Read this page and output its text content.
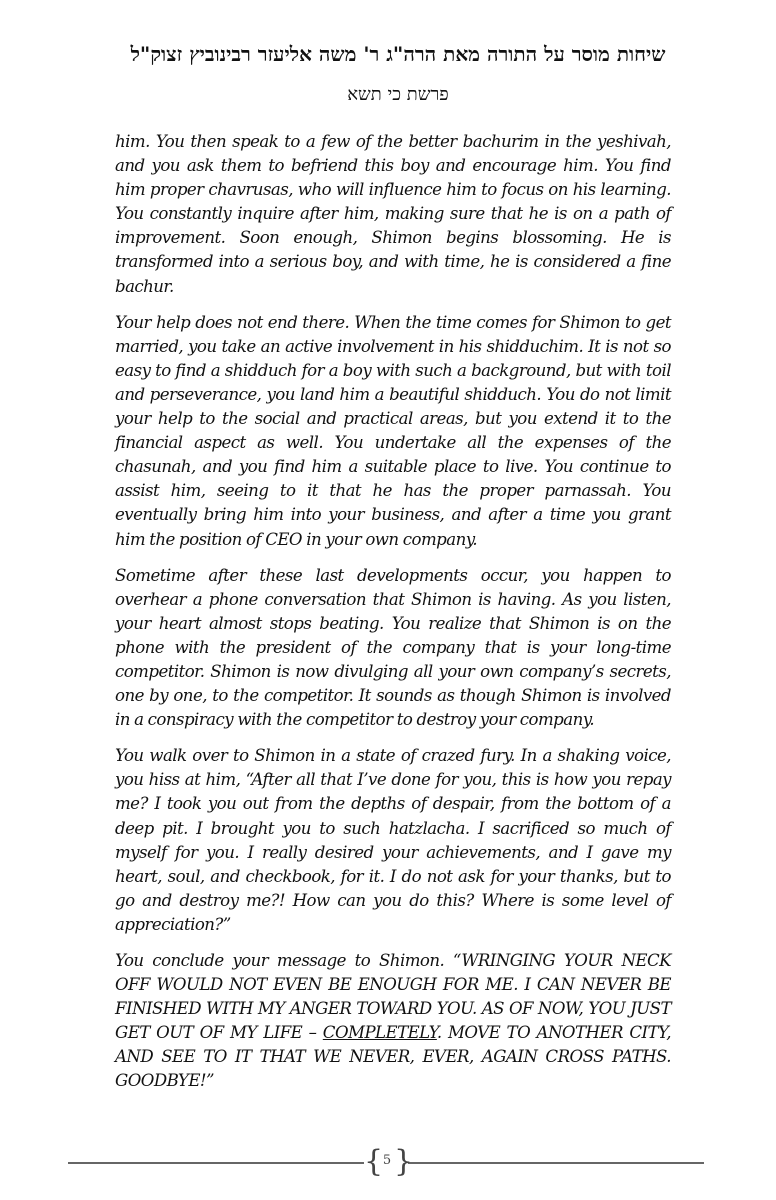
שיחות מוסר על התורה מאת הרה"ג ר' משה אליעזר רבינוביץ זצוק"ל
פרשת כי תשא

him. You then speak to a few of the better bachurim in the yeshivah, and you ask them to befriend this boy and encourage him. You find him proper chavrusas, who will influence him to focus on his learning. You constantly inquire after him, making sure that he is on a path of improvement. Soon enough, Shimon begins blossoming. He is transformed into a serious boy, and with time, he is considered a fine bachur.

Your help does not end there. When the time comes for Shimon to get married, you take an active involvement in his shidduchim. It is not so easy to find a shidduch for a boy with such a background, but with toil and perseverance, you land him a beautiful shidduch. You do not limit your help to the social and practical areas, but you extend it to the financial aspect as well. You undertake all the expenses of the chasunah, and you find him a suitable place to live. You continue to assist him, seeing to it that he has the proper parnassah. You eventually bring him into your business, and after a time you grant him the position of CEO in your own company.

Sometime after these last developments occur, you happen to overhear a phone conversation that Shimon is having. As you listen, your heart almost stops beating. You realize that Shimon is on the phone with the president of the company that is your long-time competitor. Shimon is now divulging all your own company’s secrets, one by one, to the competitor. It sounds as though Shimon is involved in a conspiracy with the competitor to destroy your company.

You walk over to Shimon in a state of crazed fury. In a shaking voice, you hiss at him, “After all that I’ve done for you, this is how you repay me? I took you out from the depths of despair, from the bottom of a deep pit. I brought you to such hatzlacha. I sacrificed so much of myself for you. I really desired your achievements, and I gave my heart, soul, and checkbook, for it. I do not ask for your thanks, but to go and destroy me?! How can you do this? Where is some level of appreciation?”

You conclude your message to Shimon. “WRINGING YOUR NECK OFF WOULD NOT EVEN BE ENOUGH FOR ME. I CAN NEVER BE FINISHED WITH MY ANGER TOWARD YOU. AS OF NOW, YOU JUST GET OUT OF MY LIFE – COMPLETELY. MOVE TO ANOTHER CITY, AND SEE TO IT THAT WE NEVER, EVER, AGAIN CROSS PATHS. GOODBYE!”

{ 5 }
